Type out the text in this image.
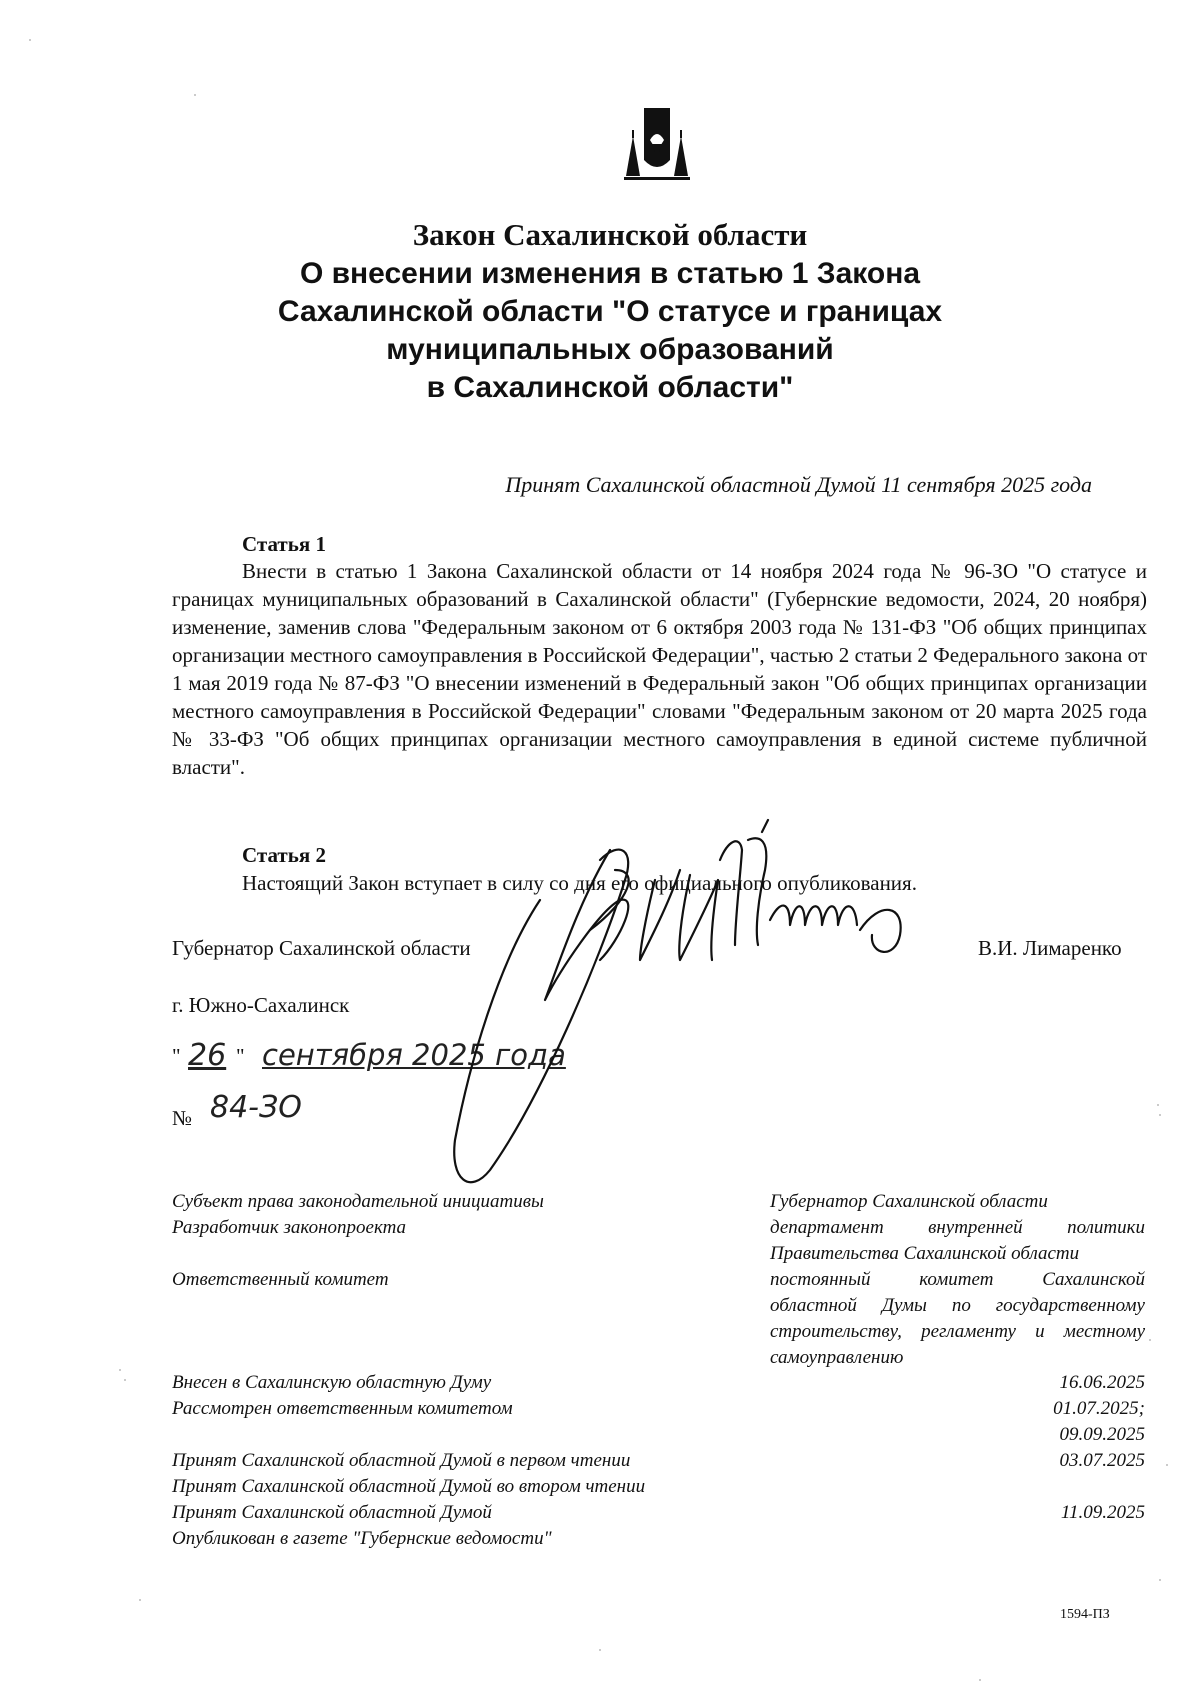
Закон Сахалинской области
О внесении изменения в статью 1 Закона
Сахалинской области "О статусе и границах
муниципальных образований
в Сахалинской области"
Принят Сахалинской областной Думой 11 сентября 2025 года
Статья 1
Внести в статью 1 Закона Сахалинской области от 14 ноября 2024 года № 96-ЗО "О статусе и границах муниципальных образований в Сахалинской области" (Губернские ведомости, 2024, 20 ноября) изменение, заменив слова "Федеральным законом от 6 октября 2003 года № 131-ФЗ "Об общих принципах организации местного самоуправления в Российской Федерации", частью 2 статьи 2 Федерального закона от 1 мая 2019 года № 87-ФЗ "О внесении изменений в Федеральный закон "Об общих принципах организации местного самоуправления в Российской Федерации" словами "Федеральным законом от 20 марта 2025 года № 33-ФЗ "Об общих принципах организации местного самоуправления в единой системе публичной власти".
Статья 2
Настоящий Закон вступает в силу со дня его официального опубликования.
Губернатор Сахалинской области	В.И. Лимаренко
г. Южно-Сахалинск
" 26 " сентября 2025 года
№ 84-ЗО
Субъект права законодательной инициативы
Разработчик законопроекта
Ответственный комитет
Губернатор Сахалинской области
департамент внутренней политики Правительства Сахалинской области
постоянный комитет Сахалинской областной Думы по государственному строительству, регламенту и местному самоуправлению
Внесен в Сахалинскую областную Думу
Рассмотрен ответственным комитетом
Принят Сахалинской областной Думой в первом чтении
Принят Сахалинской областной Думой во втором чтении
Принят Сахалинской областной Думой
Опубликован в газете "Губернские ведомости"
16.06.2025
01.07.2025;
09.09.2025
03.07.2025
11.09.2025
1594-ПЗ
